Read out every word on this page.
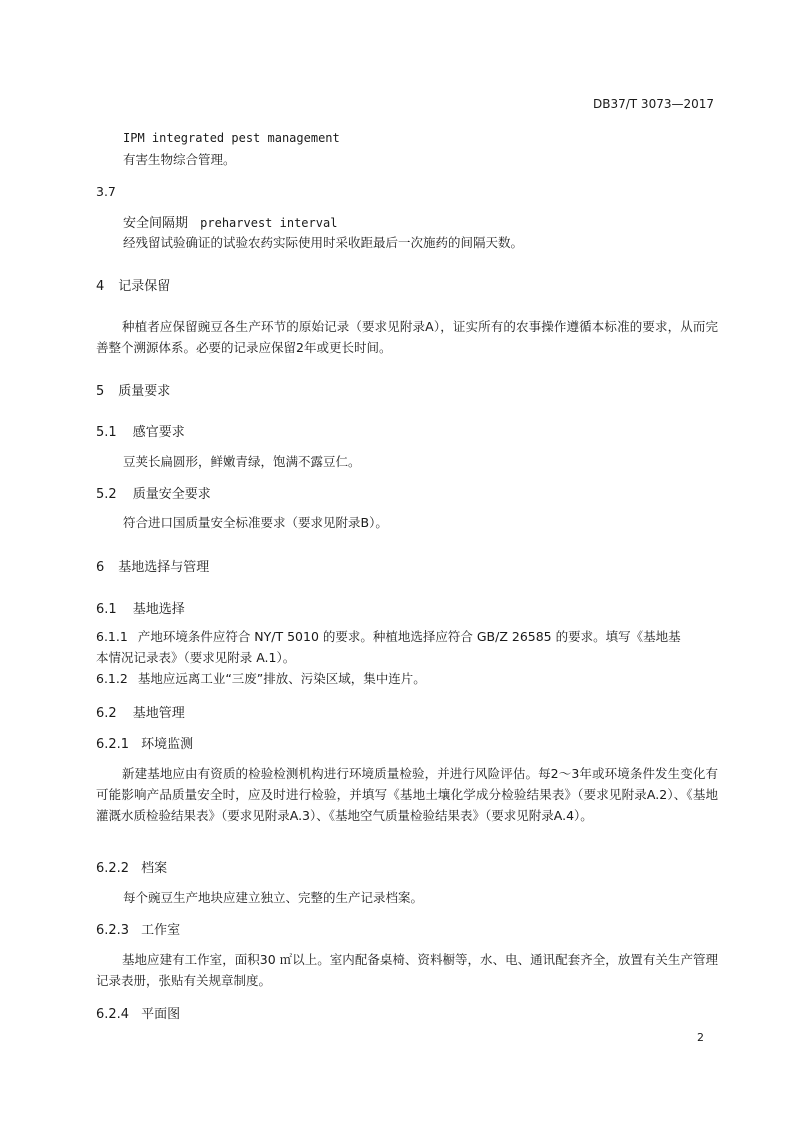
DB37/T 3073—2017
IPM integrated pest management
有害生物综合管理。
3.7
安全间隔期 preharvest interval
经残留试验确证的试验农药实际使用时采收距最后一次施药的间隔天数。
4 记录保留
种植者应保留豌豆各生产环节的原始记录（要求见附录A），证实所有的农事操作遵循本标准的要求，从而完善整个溯源体系。必要的记录应保留2年或更长时间。
5 质量要求
5.1 感官要求
豆荚长扁圆形，鲜嫩青绿，饱满不露豆仁。
5.2 质量安全要求
符合进口国质量安全标准要求（要求见附录B）。
6 基地选择与管理
6.1 基地选择
6.1.1 产地环境条件应符合 NY/T 5010 的要求。种植地选择应符合 GB/Z 26585 的要求。填写《基地基
本情况记录表》（要求见附录 A.1）。
6.1.2 基地应远离工业“三废”排放、污染区域，集中连片。
6.2 基地管理
6.2.1 环境监测
新建基地应由有资质的检验检测机构进行环境质量检验，并进行风险评估。每2～3年或环境条件发生变化有可能影响产品质量安全时，应及时进行检验，并填写《基地土壤化学成分检验结果表》（要求见附录A.2）、《基地灌溉水质检验结果表》（要求见附录A.3）、《基地空气质量检验结果表》（要求见附录A.4）。
6.2.2 档案
每个豌豆生产地块应建立独立、完整的生产记录档案。
6.2.3 工作室
基地应建有工作室，面积30 ㎡以上。室内配备桌椅、资料橱等，水、电、通讯配套齐全，放置有关生产管理记录表册，张贴有关规章制度。
6.2.4 平面图
2
